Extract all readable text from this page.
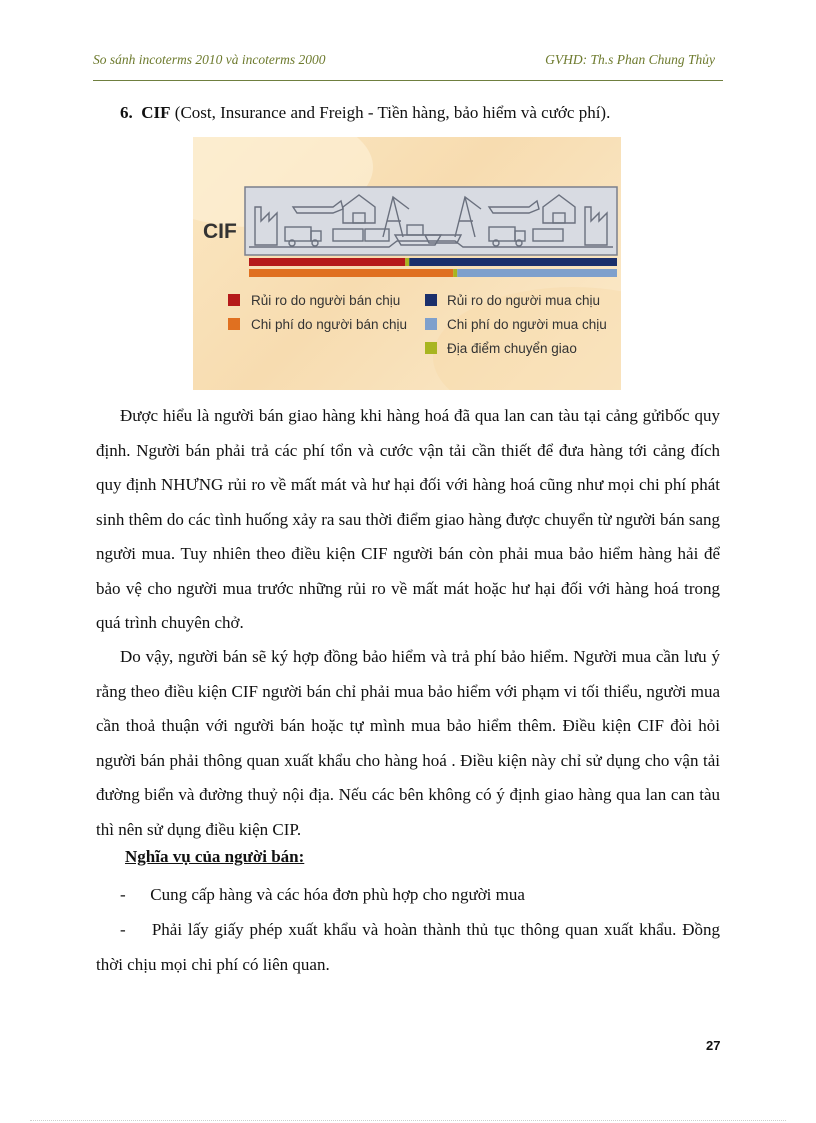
So sánh incoterms 2010 và incoterms 2000	GVHD: Th.s Phan Chung Thủy
6. CIF (Cost, Insurance and Freigh - Tiền hàng, bảo hiểm và cước phí).
CIF
Rủi ro do người bán chịu
Chi phí do người bán chịu
Rủi ro do người mua chịu
Chi phí do người mua chịu
Địa điểm chuyển giao

Được hiểu là người bán giao hàng khi hàng hoá đã qua lan can tàu tại cảng gửibốc quy định. Người bán phải trả các phí tổn và cước vận tải cần thiết để đưa hàng tới cảng đích quy định NHƯNG rủi ro về mất mát và hư hại đối với hàng hoá cũng như mọi chi phí phát sinh thêm do các tình huống xảy ra sau thời điểm giao hàng được chuyển từ người bán sang người mua. Tuy nhiên theo điều kiện CIF người bán còn phải mua bảo hiểm hàng hải để bảo vệ cho người mua trước những rủi ro về mất mát hoặc hư hại đối với hàng hoá trong quá trình chuyên chở.

Do vậy, người bán sẽ ký hợp đồng bảo hiểm và trả phí bảo hiểm. Người mua cần lưu ý rằng theo điều kiện CIF người bán chỉ phải mua bảo hiểm với phạm vi tối thiểu, người mua cần thoả thuận với người bán hoặc tự mình mua bảo hiểm thêm. Điều kiện CIF đòi hỏi người bán phải thông quan xuất khẩu cho hàng hoá . Điều kiện này chỉ sử dụng cho vận tải đường biển và đường thuỷ nội địa. Nếu các bên không có ý định giao hàng qua lan can tàu thì nên sử dụng điều kiện CIP.

Nghĩa vụ của người bán:
- Cung cấp hàng và các hóa đơn phù hợp cho người mua
- Phải lấy giấy phép xuất khẩu và hoàn thành thủ tục thông quan xuất khẩu. Đồng thời chịu mọi chi phí có liên quan.
27
